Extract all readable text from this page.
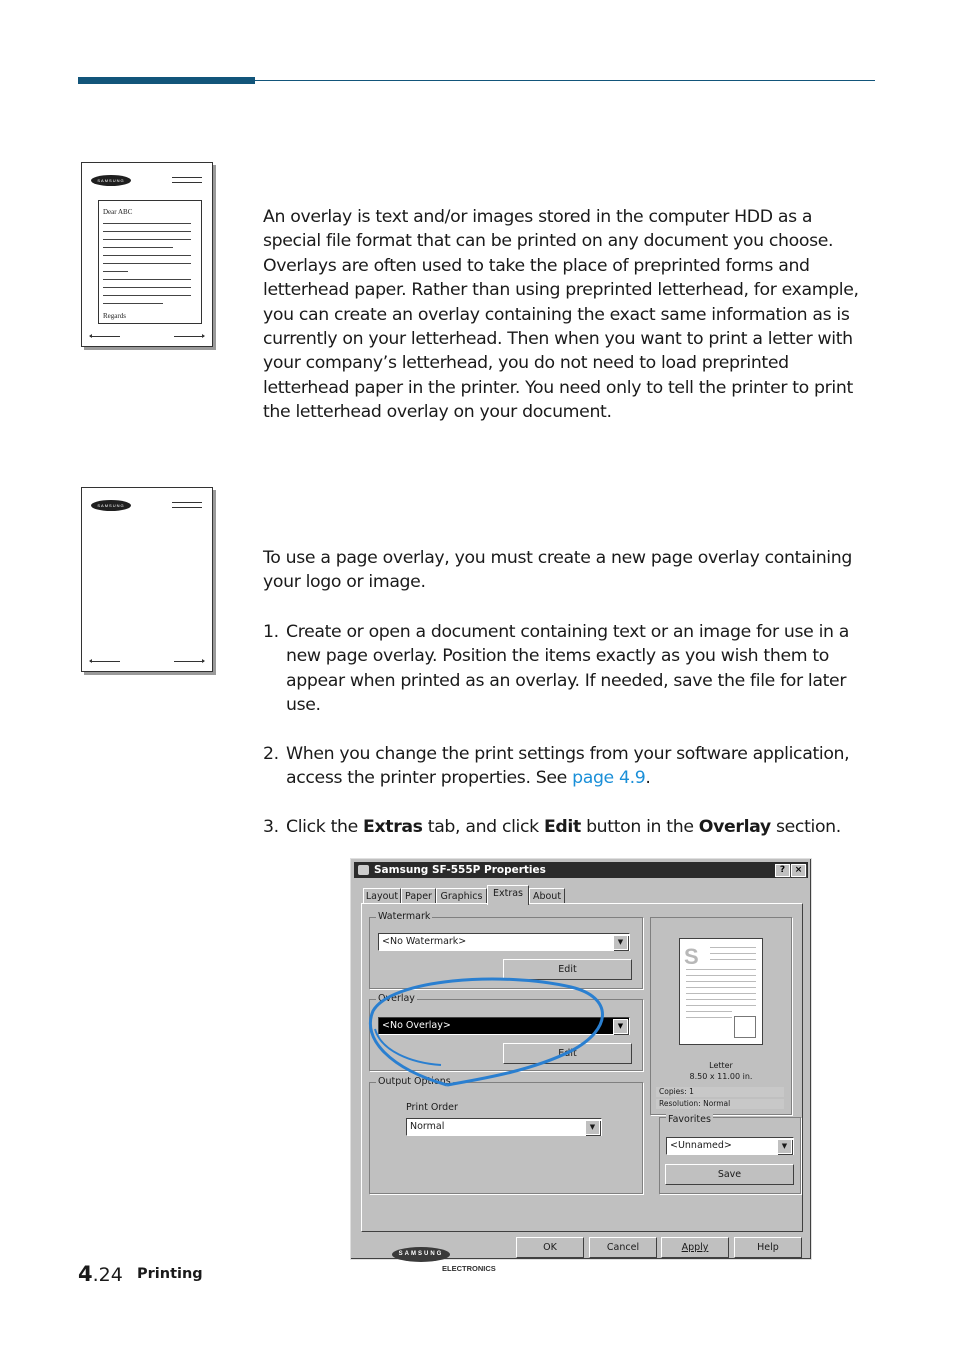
SAMSUNG
Dear ABC
Regards

An overlay is text and/or images stored in the computer HDD as a special file format that can be printed on any document you choose. Overlays are often used to take the place of preprinted forms and letterhead paper. Rather than using preprinted letterhead, for example, you can create an overlay containing the exact same information as is currently on your letterhead. Then when you want to print a letter with your company’s letterhead, you do not need to load preprinted letterhead paper in the printer. You need only to tell the printer to print the letterhead overlay on your document.

SAMSUNG

To use a page overlay, you must create a new page overlay containing your logo or image.

1. Create or open a document containing text or an image for use in a new page overlay. Position the items exactly as you wish them to appear when printed as an overlay. If needed, save the file for later use.
2. When you change the print settings from your software application, access the printer properties. See page 4.9.
3. Click the Extras tab, and click Edit button in the Overlay section.
Samsung SF-555P Properties	?	×
Layout Paper Graphics	Extras	About
Watermark
<No Watermark>	▼
Edit
Overlay
<No Overlay>	▼
Edit
Output Options
Print Order
Normal	▼
S
Letter
8.50 x 11.00 in.
Copies: 1
Resolution: Normal
Favorites
<Unnamed>	▼
Save
SAMSUNG
ELECTRONICS
OK	Cancel	Apply	Help
4.24 Printing
